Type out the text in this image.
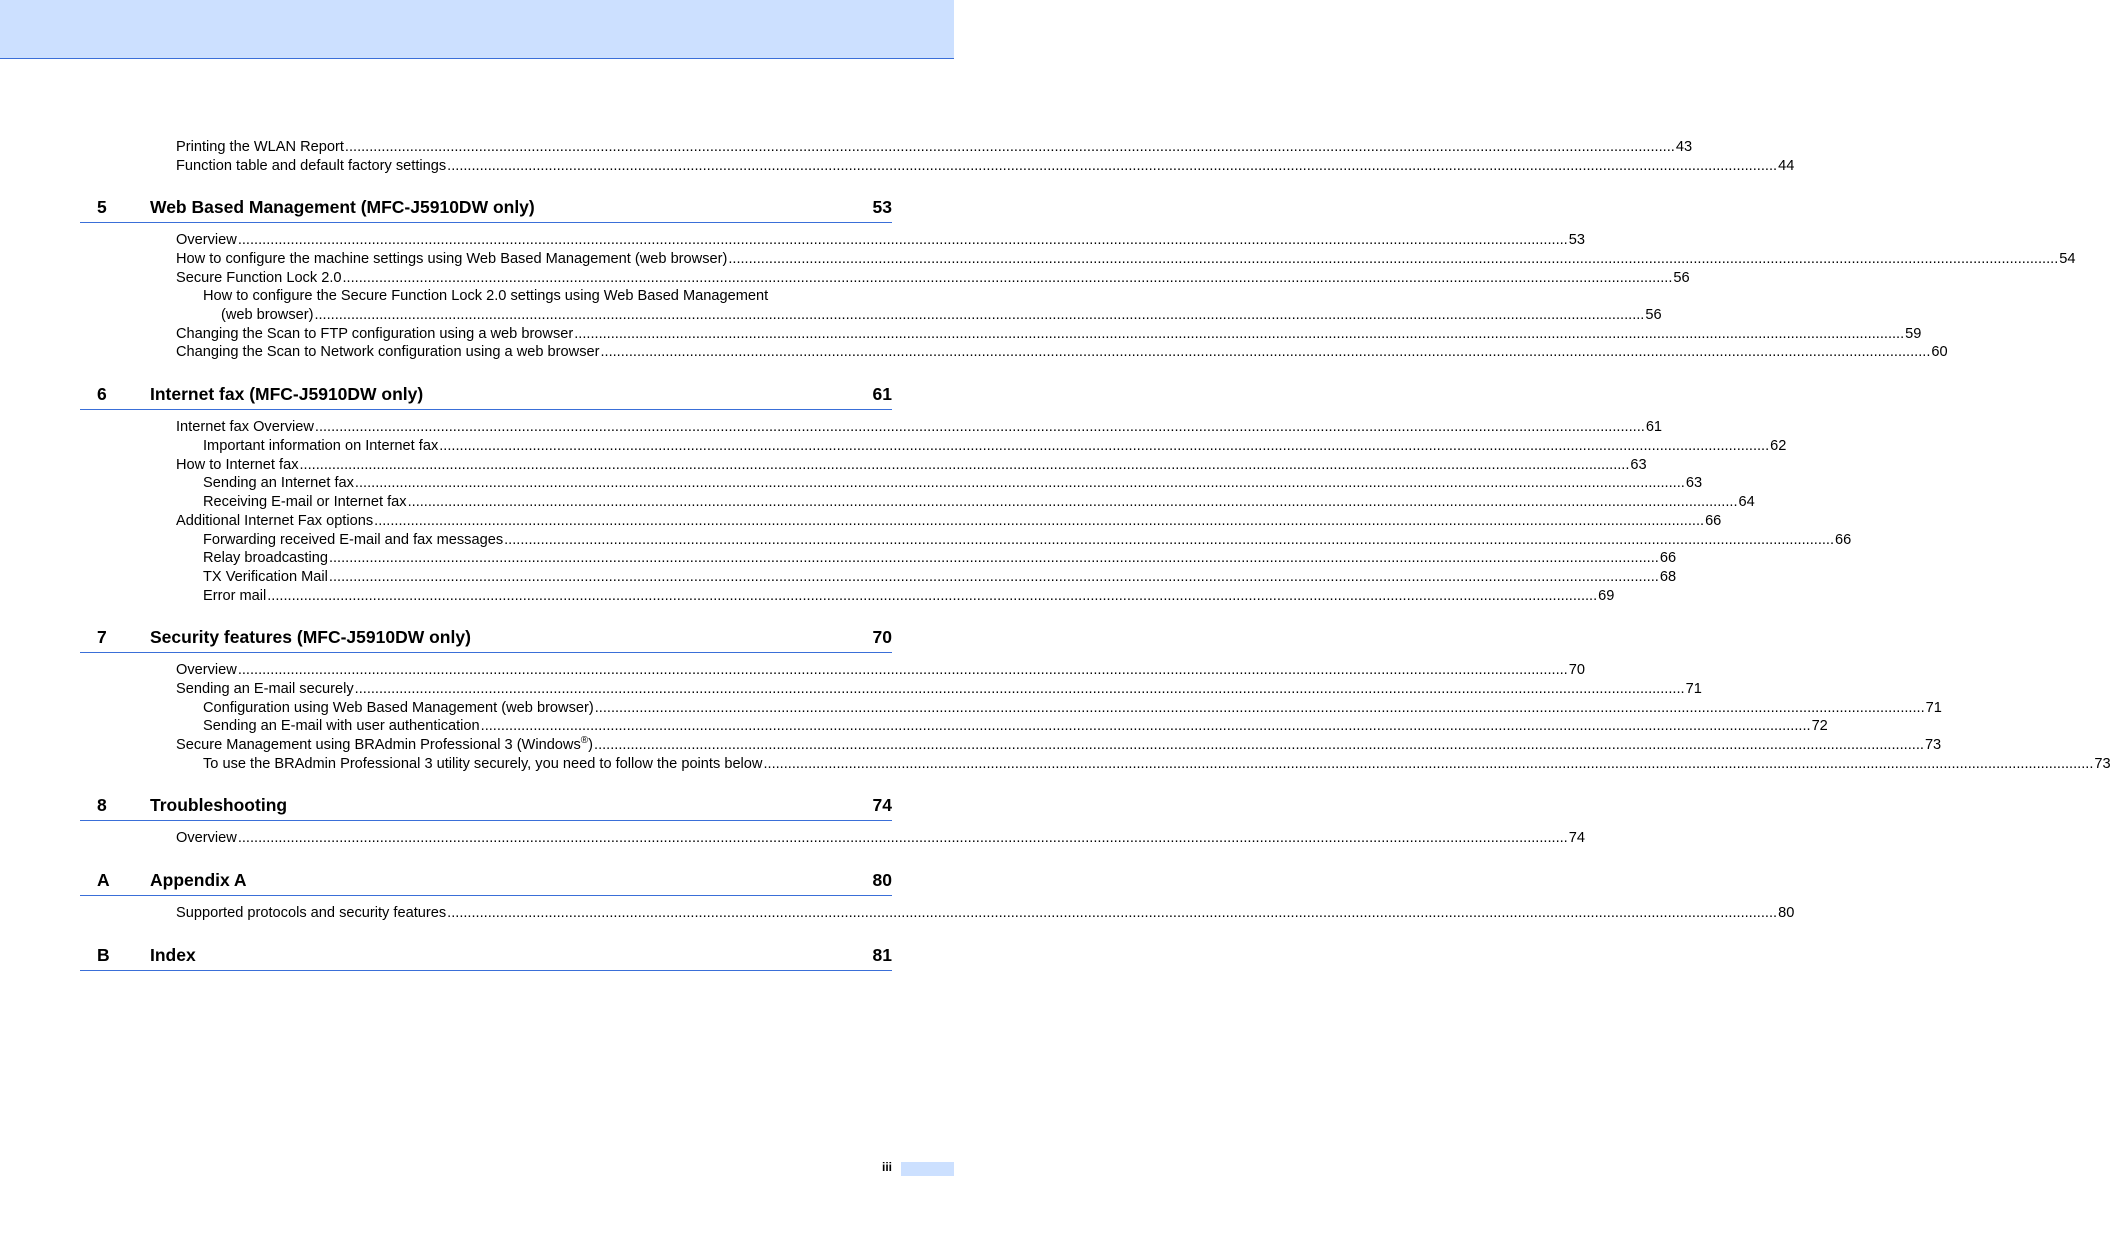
Printing the WLAN Report ........................................................................................................................................................................................................................................................................................................................................ 43
Function table and default factory settings ........................................................................................................................................................................................................................................................................................................................................ 44
5 Web Based Management (MFC-J5910DW only)	53
Overview ........................................................................................................................................................................................................................................................................................................................................ 53
How to configure the machine settings using Web Based Management (web browser) ........................................................................................................................................................................................................................................................................................................................................ 54
Secure Function Lock 2.0 ........................................................................................................................................................................................................................................................................................................................................ 56
How to configure the Secure Function Lock 2.0 settings using Web Based Management
(web browser) ........................................................................................................................................................................................................................................................................................................................................ 56
Changing the Scan to FTP configuration using a web browser ........................................................................................................................................................................................................................................................................................................................................ 59
Changing the Scan to Network configuration using a web browser ........................................................................................................................................................................................................................................................................................................................................ 60
6 Internet fax (MFC-J5910DW only)	61
Internet fax Overview ........................................................................................................................................................................................................................................................................................................................................ 61
Important information on Internet fax ........................................................................................................................................................................................................................................................................................................................................ 62
How to Internet fax ........................................................................................................................................................................................................................................................................................................................................ 63
Sending an Internet fax ........................................................................................................................................................................................................................................................................................................................................ 63
Receiving E-mail or Internet fax ........................................................................................................................................................................................................................................................................................................................................ 64
Additional Internet Fax options ........................................................................................................................................................................................................................................................................................................................................ 66
Forwarding received E-mail and fax messages ........................................................................................................................................................................................................................................................................................................................................ 66
Relay broadcasting ........................................................................................................................................................................................................................................................................................................................................ 66
TX Verification Mail ........................................................................................................................................................................................................................................................................................................................................ 68
Error mail ........................................................................................................................................................................................................................................................................................................................................ 69
7 Security features (MFC-J5910DW only)	70
Overview ........................................................................................................................................................................................................................................................................................................................................ 70
Sending an E-mail securely ........................................................................................................................................................................................................................................................................................................................................ 71
Configuration using Web Based Management (web browser) ........................................................................................................................................................................................................................................................................................................................................ 71
Sending an E-mail with user authentication ........................................................................................................................................................................................................................................................................................................................................ 72
Secure Management using BRAdmin Professional 3 (Windows®) ........................................................................................................................................................................................................................................................................................................................................ 73
To use the BRAdmin Professional 3 utility securely, you need to follow the points below ........................................................................................................................................................................................................................................................................................................................................ 73
8 Troubleshooting	74
Overview ........................................................................................................................................................................................................................................................................................................................................ 74
A Appendix A	80
Supported protocols and security features ........................................................................................................................................................................................................................................................................................................................................ 80
B Index	81
iii
